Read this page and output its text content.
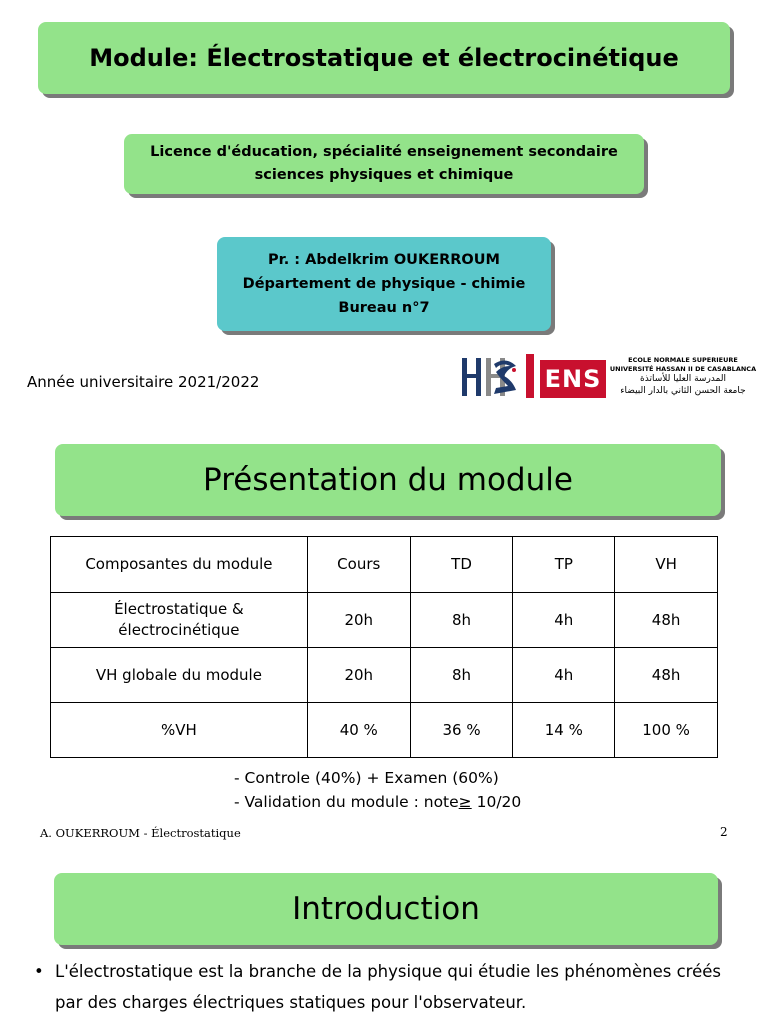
Module: Électrostatique et électrocinétique
Licence d'éducation, spécialité enseignement secondaire
sciences physiques et chimique
Pr. : Abdelkrim OUKERROUM
Département de physique - chimie
Bureau n°7
Année universitaire 2021/2022	ENS
ECOLE NORMALE SUPERIEURE
UNIVERSITÉ HASSAN II DE CASABLANCA
المدرسة العليا للأساتذة
جامعة الحسن الثاني بالدار البيضاء
Présentation du module
Composantes du module	Cours	TD	TP	VH
Électrostatique & électrocinétique	20h	8h	4h	48h
VH globale du module	20h	8h	4h	48h
%VH	40 %	36 %	14 %	100 %
- Controle (40%) + Examen (60%)
- Validation du module : note≥ 10/20
A. OUKERROUM - Électrostatique	2
Introduction
• L'électrostatique est la branche de la physique qui étudie les phénomènes créés par des charges électriques statiques pour l'observateur.
